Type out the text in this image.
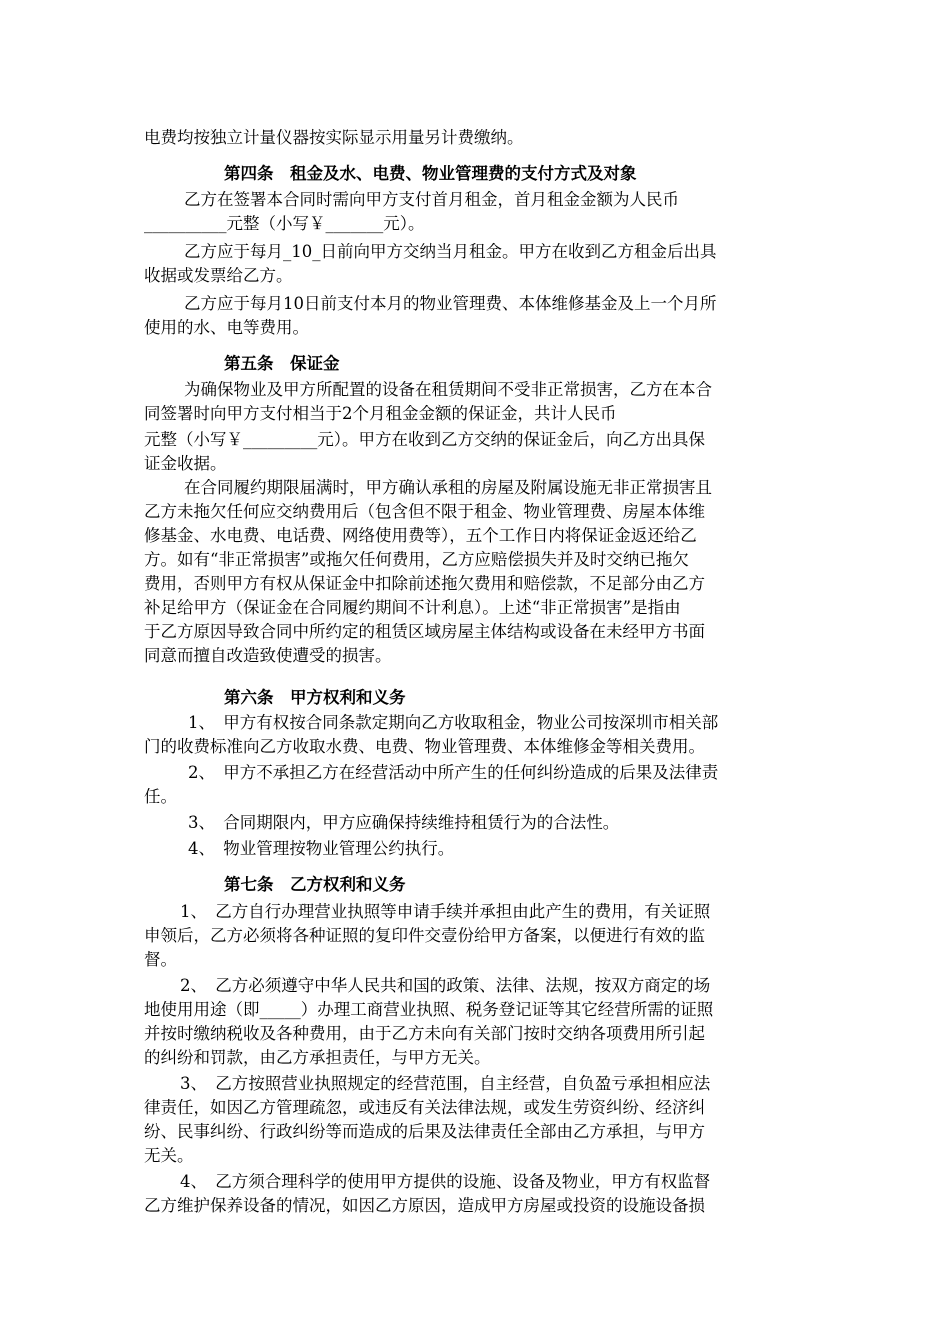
电费均按独立计量仪器按实际显示用量另计费缴纳。
第四条　租金及水、电费、物业管理费的支付方式及对象
乙方在签署本合同时需向甲方支付首月租金，首月租金金额为人民币
__________元整（小写￥_______元）。
乙方应于每月_10_日前向甲方交纳当月租金。甲方在收到乙方租金后出具
收据或发票给乙方。
乙方应于每月10日前支付本月的物业管理费、本体维修基金及上一个月所
使用的水、电等费用。
第五条　保证金
为确保物业及甲方所配置的设备在租赁期间不受非正常损害，乙方在本合
同签署时向甲方支付相当于2个月租金金额的保证金，共计人民币
元整（小写￥_________元）。甲方在收到乙方交纳的保证金后，向乙方出具保
证金收据。
在合同履约期限届满时，甲方确认承租的房屋及附属设施无非正常损害且
乙方未拖欠任何应交纳费用后（包含但不限于租金、物业管理费、房屋本体维
修基金、水电费、电话费、网络使用费等），五个工作日内将保证金返还给乙
方。如有“非正常损害”或拖欠任何费用，乙方应赔偿损失并及时交纳已拖欠
费用，否则甲方有权从保证金中扣除前述拖欠费用和赔偿款，不足部分由乙方
补足给甲方（保证金在合同履约期间不计利息）。上述“非正常损害”是指由
于乙方原因导致合同中所约定的租赁区域房屋主体结构或设备在未经甲方书面
同意而擅自改造致使遭受的损害。
第六条　甲方权利和义务
1、　甲方有权按合同条款定期向乙方收取租金，物业公司按深圳市相关部
门的收费标准向乙方收取水费、电费、物业管理费、本体维修金等相关费用。
2、　甲方不承担乙方在经营活动中所产生的任何纠纷造成的后果及法律责
任。
3、　合同期限内，甲方应确保持续维持租赁行为的合法性。
4、　物业管理按物业管理公约执行。
第七条　乙方权利和义务
1、　乙方自行办理营业执照等申请手续并承担由此产生的费用，有关证照
申领后，乙方必须将各种证照的复印件交壹份给甲方备案，以便进行有效的监
督。
2、　乙方必须遵守中华人民共和国的政策、法律、法规，按双方商定的场
地使用用途（即_____）办理工商营业执照、税务登记证等其它经营所需的证照
并按时缴纳税收及各种费用，由于乙方未向有关部门按时交纳各项费用所引起
的纠纷和罚款，由乙方承担责任，与甲方无关。
3、　乙方按照营业执照规定的经营范围，自主经营，自负盈亏承担相应法
律责任，如因乙方管理疏忽，或违反有关法律法规，或发生劳资纠纷、经济纠
纷、民事纠纷、行政纠纷等而造成的后果及法律责任全部由乙方承担，与甲方
无关。
4、　乙方须合理科学的使用甲方提供的设施、设备及物业，甲方有权监督
乙方维护保养设备的情况，如因乙方原因，造成甲方房屋或投资的设施设备损
